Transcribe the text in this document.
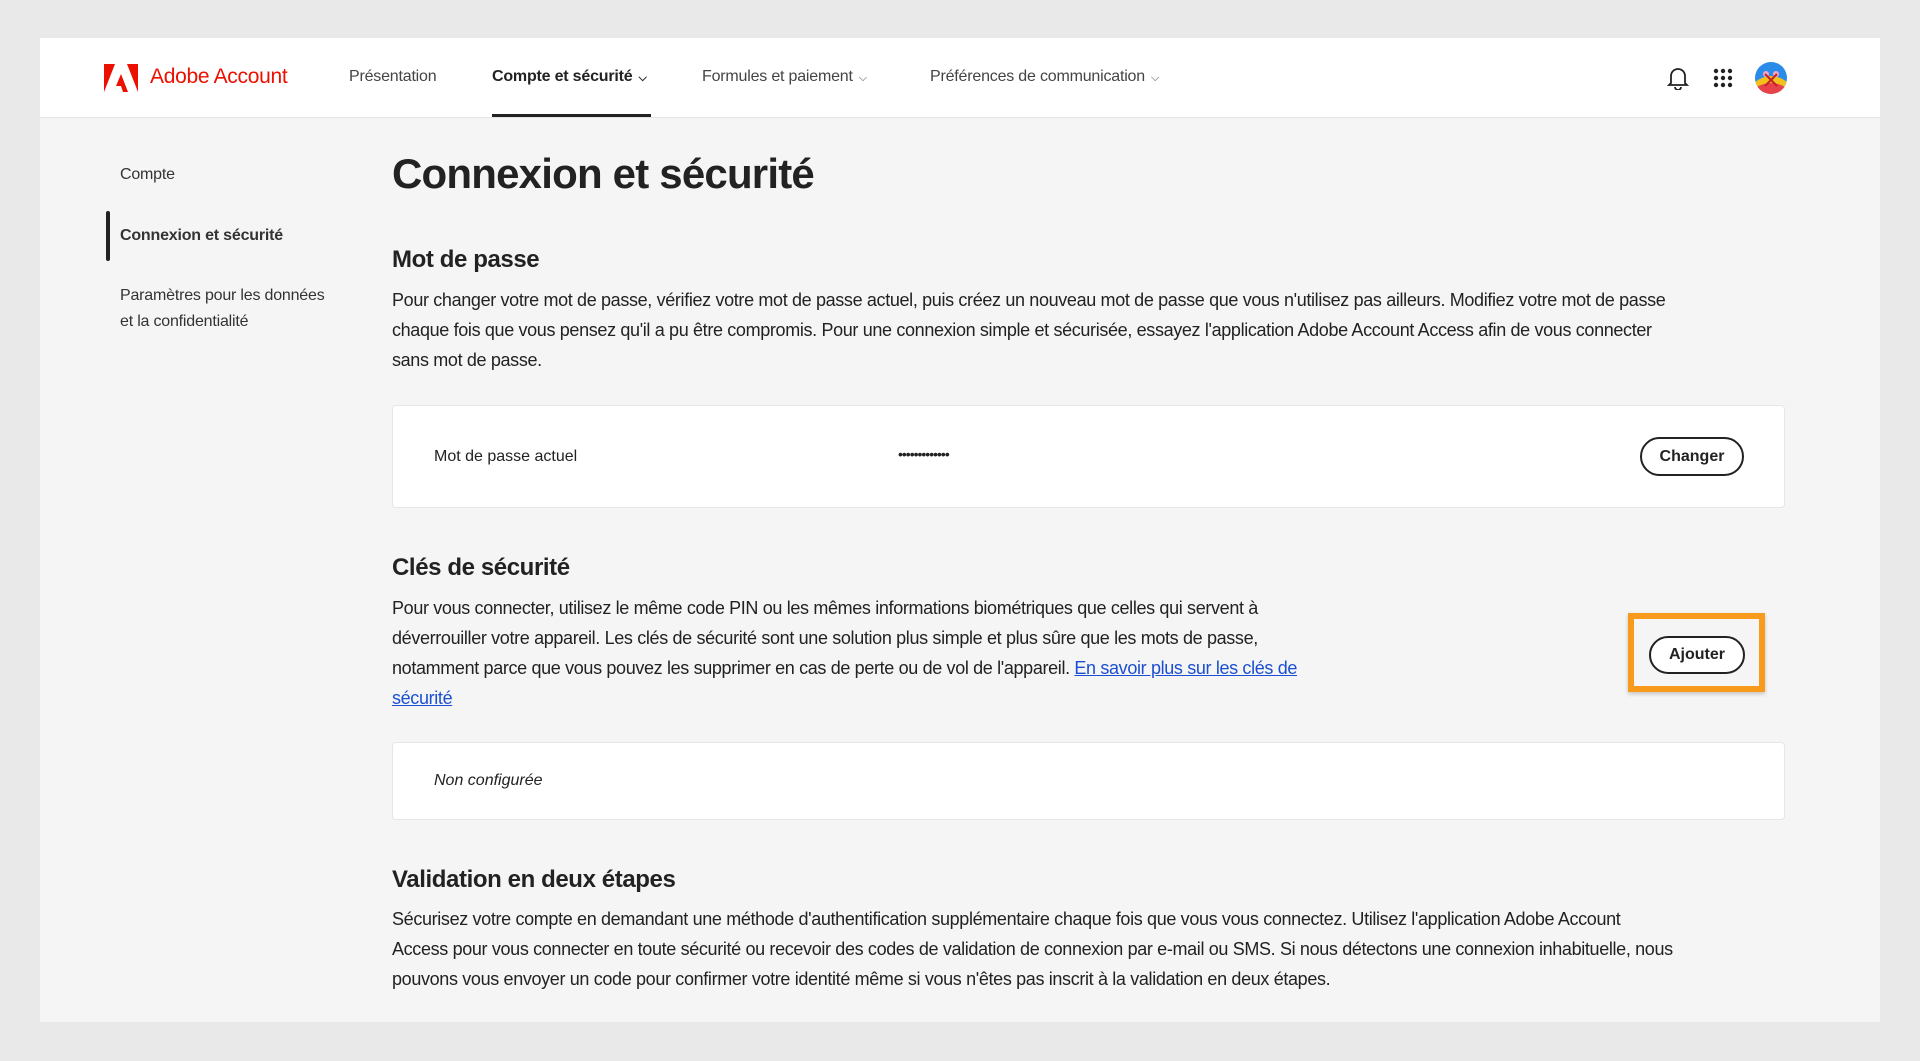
Adobe Account	Présentation	Compte et sécurité ⌵	Formules et paiement ⌵	Préférences de communication ⌵
Compte
Connexion et sécurité
Paramètres pour les données
et la confidentialité
Connexion et sécurité
Mot de passe
Pour changer votre mot de passe, vérifiez votre mot de passe actuel, puis créez un nouveau mot de passe que vous n'utilisez pas ailleurs. Modifiez votre mot de passe
chaque fois que vous pensez qu'il a pu être compromis. Pour une connexion simple et sécurisée, essayez l'application Adobe Account Access afin de vous connecter
sans mot de passe.
Mot de passe actuel	•••••••••••••	Changer
Clés de sécurité
Pour vous connecter, utilisez le même code PIN ou les mêmes informations biométriques que celles qui servent à
déverrouiller votre appareil. Les clés de sécurité sont une solution plus simple et plus sûre que les mots de passe,
notamment parce que vous pouvez les supprimer en cas de perte ou de vol de l'appareil. En savoir plus sur les clés de
sécurité
Ajouter
Non configurée
Validation en deux étapes
Sécurisez votre compte en demandant une méthode d'authentification supplémentaire chaque fois que vous vous connectez. Utilisez l'application Adobe Account
Access pour vous connecter en toute sécurité ou recevoir des codes de validation de connexion par e-mail ou SMS. Si nous détectons une connexion inhabituelle, nous
pouvons vous envoyer un code pour confirmer votre identité même si vous n'êtes pas inscrit à la validation en deux étapes.
